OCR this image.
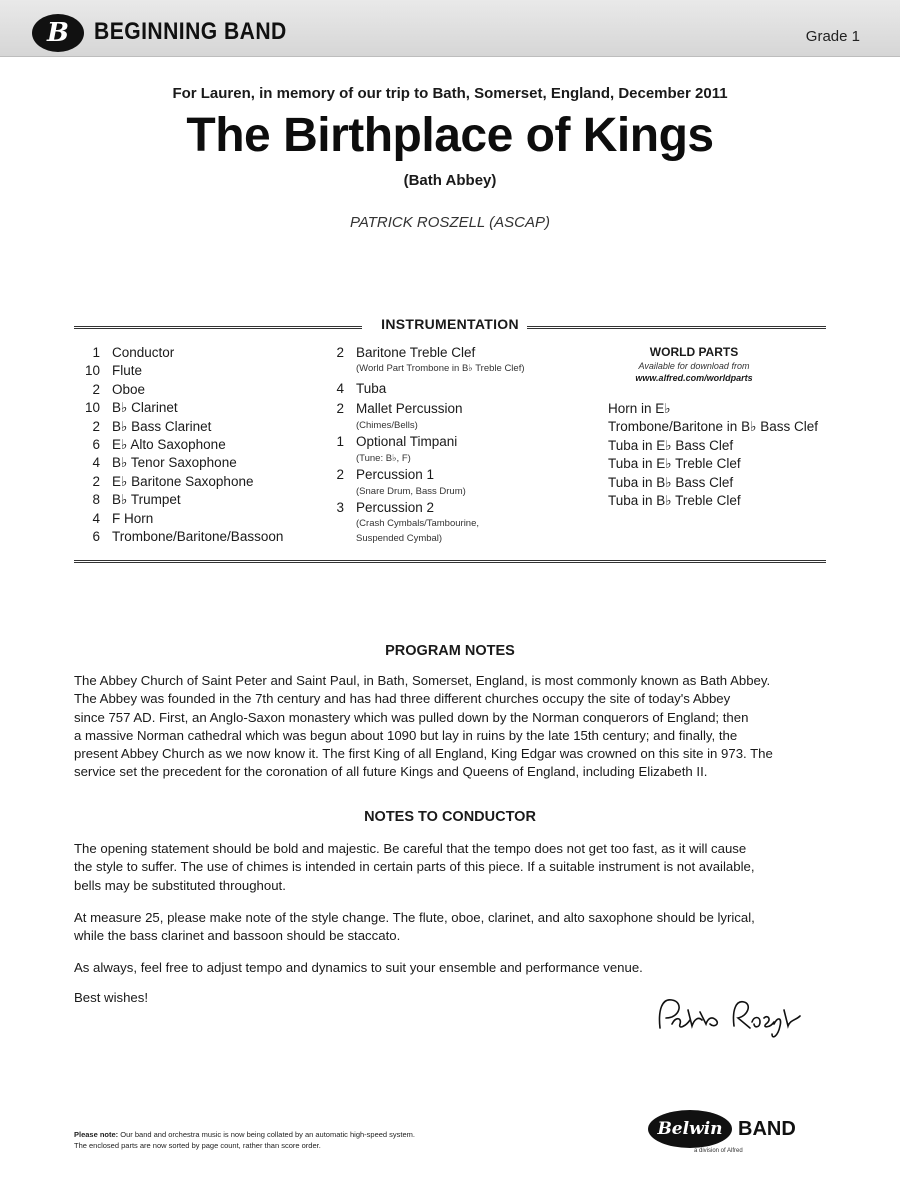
B BEGINNING BAND	Grade 1
For Lauren, in memory of our trip to Bath, Somerset, England, December 2011
The Birthplace of Kings
(Bath Abbey)
PATRICK ROSZELL (ASCAP)
INSTRUMENTATION
1 Conductor
10 Flute
2 Oboe
10 B♭ Clarinet
2 B♭ Bass Clarinet
6 E♭ Alto Saxophone
4 B♭ Tenor Saxophone
2 E♭ Baritone Saxophone
8 B♭ Trumpet
4 F Horn
6 Trombone/Baritone/Bassoon
2 Baritone Treble Clef
(World Part Trombone in B♭ Treble Clef)
4 Tuba
2 Mallet Percussion
(Chimes/Bells)
1 Optional Timpani
(Tune: B♭, F)
2 Percussion 1
(Snare Drum, Bass Drum)
3 Percussion 2
(Crash Cymbals/Tambourine,
Suspended Cymbal)
WORLD PARTS
Available for download from
www.alfred.com/worldparts
Horn in E♭
Trombone/Baritone in B♭ Bass Clef
Tuba in E♭ Bass Clef
Tuba in E♭ Treble Clef
Tuba in B♭ Bass Clef
Tuba in B♭ Treble Clef
PROGRAM NOTES
The Abbey Church of Saint Peter and Saint Paul, in Bath, Somerset, England, is most commonly known as Bath Abbey.
The Abbey was founded in the 7th century and has had three different churches occupy the site of today's Abbey
since 757 AD. First, an Anglo-Saxon monastery which was pulled down by the Norman conquerors of England; then
a massive Norman cathedral which was begun about 1090 but lay in ruins by the late 15th century; and finally, the
present Abbey Church as we now know it. The first King of all England, King Edgar was crowned on this site in 973. The
service set the precedent for the coronation of all future Kings and Queens of England, including Elizabeth II.
NOTES TO CONDUCTOR
The opening statement should be bold and majestic. Be careful that the tempo does not get too fast, as it will cause
the style to suffer. The use of chimes is intended in certain parts of this piece. If a suitable instrument is not available,
bells may be substituted throughout.
At measure 25, please make note of the style change. The flute, oboe, clarinet, and alto saxophone should be lyrical,
while the bass clarinet and bassoon should be staccato.
As always, feel free to adjust tempo and dynamics to suit your ensemble and performance venue.
Best wishes!
Please note: Our band and orchestra music is now being collated by an automatic high-speed system.
The enclosed parts are now sorted by page count, rather than score order.
Belwin BAND
a division of Alfred
